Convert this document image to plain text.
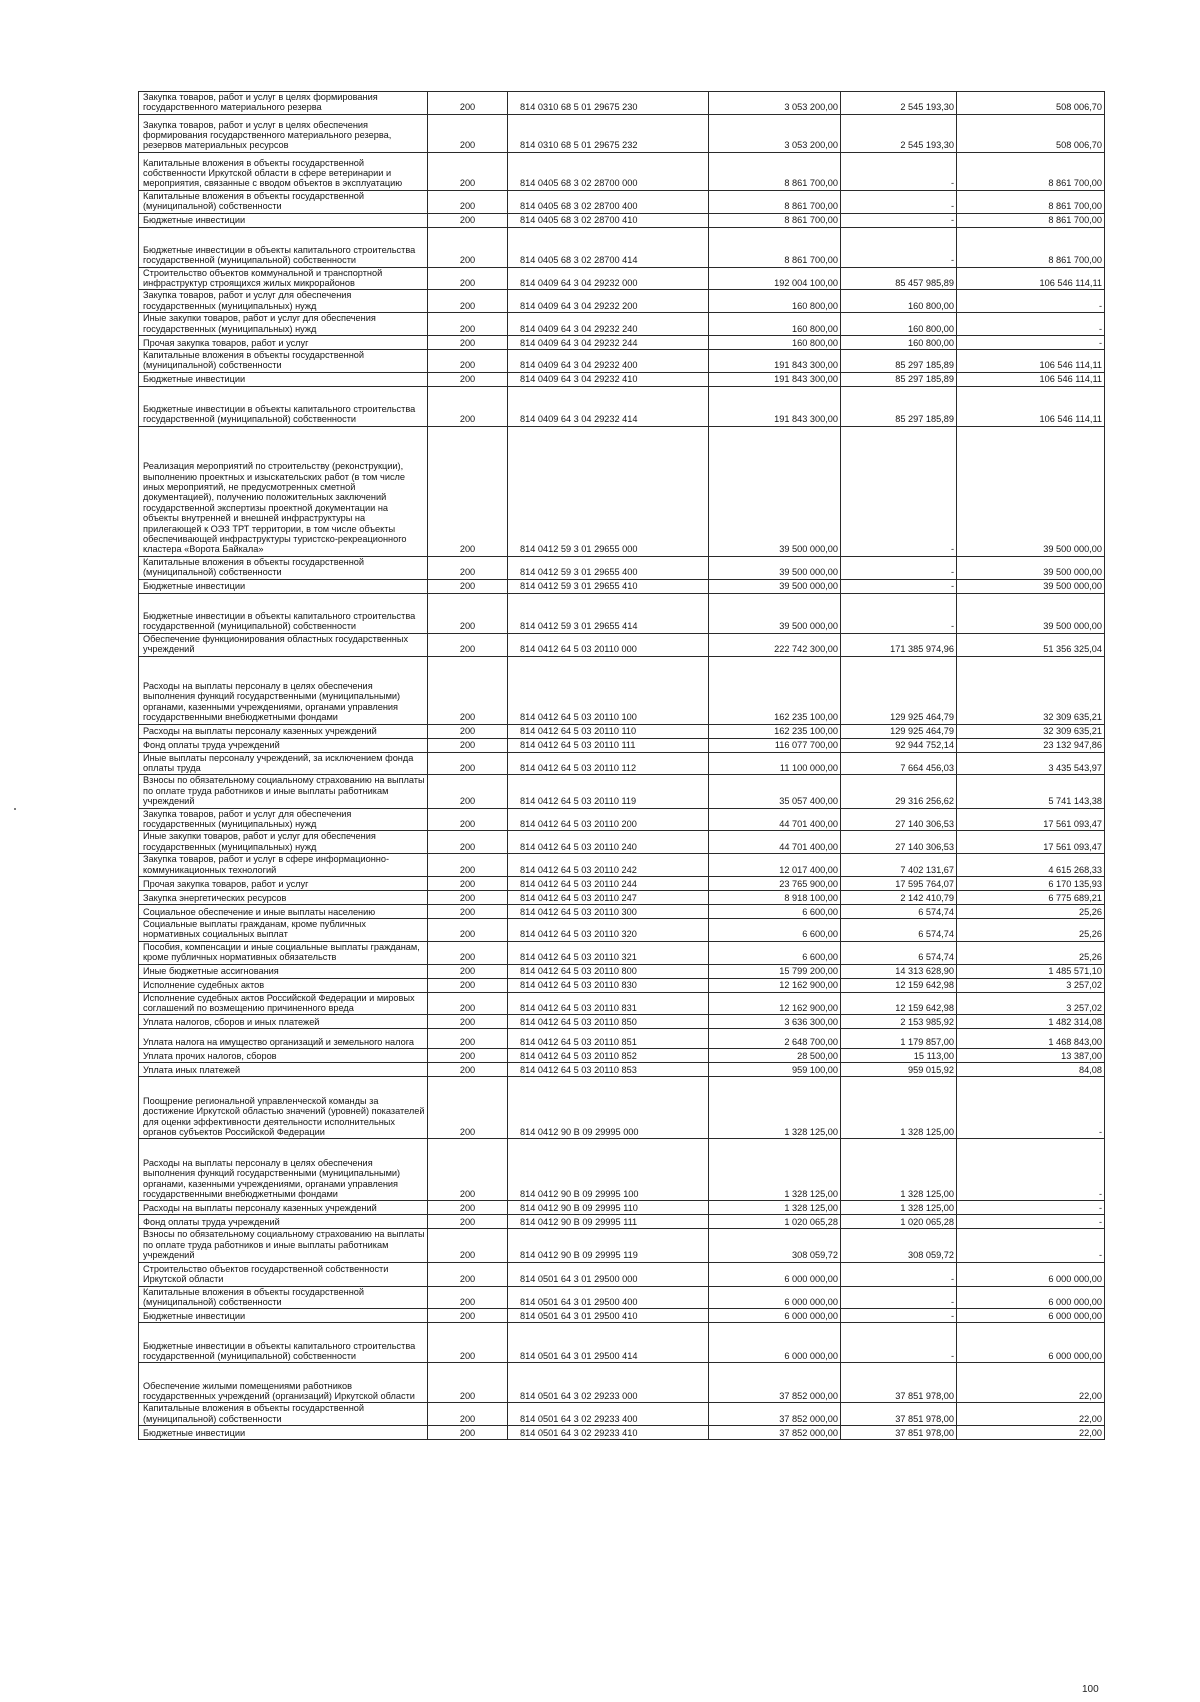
Закупка товаров, работ и услуг в целях формирования государственного материального резерва	200	814 0310 68 5 01 29675 230	3 053 200,00	2 545 193,30	508 006,70
Закупка товаров, работ и услуг в целях обеспечения формирования государственного материального резерва, резервов материальных ресурсов	200	814 0310 68 5 01 29675 232	3 053 200,00	2 545 193,30	508 006,70
Капитальные вложения в объекты государственной собственности Иркутской области в сфере ветеринарии и мероприятия, связанные с вводом объектов в эксплуатацию	200	814 0405 68 3 02 28700 000	8 861 700,00	-	8 861 700,00
Капитальные вложения в объекты государственной (муниципальной) собственности	200	814 0405 68 3 02 28700 400	8 861 700,00	-	8 861 700,00
Бюджетные инвестиции	200	814 0405 68 3 02 28700 410	8 861 700,00	-	8 861 700,00
Бюджетные инвестиции в объекты капитального строительства государственной (муниципальной) собственности	200	814 0405 68 3 02 28700 414	8 861 700,00	-	8 861 700,00
Строительство объектов коммунальной и транспортной инфраструктур строящихся жилых микрорайонов	200	814 0409 64 3 04 29232 000	192 004 100,00	85 457 985,89	106 546 114,11
Закупка товаров, работ и услуг для обеспечения государственных (муниципальных) нужд	200	814 0409 64 3 04 29232 200	160 800,00	160 800,00	-
Иные закупки товаров, работ и услуг для обеспечения государственных (муниципальных) нужд	200	814 0409 64 3 04 29232 240	160 800,00	160 800,00	-
Прочая закупка товаров, работ и услуг	200	814 0409 64 3 04 29232 244	160 800,00	160 800,00	-
Капитальные вложения в объекты государственной (муниципальной) собственности	200	814 0409 64 3 04 29232 400	191 843 300,00	85 297 185,89	106 546 114,11
Бюджетные инвестиции	200	814 0409 64 3 04 29232 410	191 843 300,00	85 297 185,89	106 546 114,11
Бюджетные инвестиции в объекты капитального строительства государственной (муниципальной) собственности	200	814 0409 64 3 04 29232 414	191 843 300,00	85 297 185,89	106 546 114,11
Реализация мероприятий по строительству (реконструкции), выполнению проектных и изыскательских работ (в том числе иных мероприятий, не предусмотренных сметной документацией), получению положительных заключений государственной экспертизы проектной документации на объекты внутренней и внешней инфраструктуры на прилегающей к ОЭЗ ТРТ территории, в том числе объекты обеспечивающей инфраструктуры туристско-рекреационного кластера «Ворота Байкала»	200	814 0412 59 3 01 29655 000	39 500 000,00	-	39 500 000,00
Капитальные вложения в объекты государственной (муниципальной) собственности	200	814 0412 59 3 01 29655 400	39 500 000,00	-	39 500 000,00
Бюджетные инвестиции	200	814 0412 59 3 01 29655 410	39 500 000,00	-	39 500 000,00
Бюджетные инвестиции в объекты капитального строительства государственной (муниципальной) собственности	200	814 0412 59 3 01 29655 414	39 500 000,00	-	39 500 000,00
Обеспечение функционирования областных государственных учреждений	200	814 0412 64 5 03 20110 000	222 742 300,00	171 385 974,96	51 356 325,04
Расходы на выплаты персоналу в целях обеспечения выполнения функций государственными (муниципальными) органами, казенными учреждениями, органами управления государственными внебюджетными фондами	200	814 0412 64 5 03 20110 100	162 235 100,00	129 925 464,79	32 309 635,21
Расходы на выплаты персоналу казенных учреждений	200	814 0412 64 5 03 20110 110	162 235 100,00	129 925 464,79	32 309 635,21
Фонд оплаты труда учреждений	200	814 0412 64 5 03 20110 111	116 077 700,00	92 944 752,14	23 132 947,86
Иные выплаты персоналу учреждений, за исключением фонда оплаты труда	200	814 0412 64 5 03 20110 112	11 100 000,00	7 664 456,03	3 435 543,97
Взносы по обязательному социальному страхованию на выплаты по оплате труда работников и иные выплаты работникам учреждений	200	814 0412 64 5 03 20110 119	35 057 400,00	29 316 256,62	5 741 143,38
Закупка товаров, работ и услуг для обеспечения государственных (муниципальных) нужд	200	814 0412 64 5 03 20110 200	44 701 400,00	27 140 306,53	17 561 093,47
Иные закупки товаров, работ и услуг для обеспечения государственных (муниципальных) нужд	200	814 0412 64 5 03 20110 240	44 701 400,00	27 140 306,53	17 561 093,47
Закупка товаров, работ и услуг в сфере информационно-коммуникационных технологий	200	814 0412 64 5 03 20110 242	12 017 400,00	7 402 131,67	4 615 268,33
Прочая закупка товаров, работ и услуг	200	814 0412 64 5 03 20110 244	23 765 900,00	17 595 764,07	6 170 135,93
Закупка энергетических ресурсов	200	814 0412 64 5 03 20110 247	8 918 100,00	2 142 410,79	6 775 689,21
Социальное обеспечение и иные выплаты населению	200	814 0412 64 5 03 20110 300	6 600,00	6 574,74	25,26
Социальные выплаты гражданам, кроме публичных нормативных социальных выплат	200	814 0412 64 5 03 20110 320	6 600,00	6 574,74	25,26
Пособия, компенсации и иные социальные выплаты гражданам, кроме публичных нормативных обязательств	200	814 0412 64 5 03 20110 321	6 600,00	6 574,74	25,26
Иные бюджетные ассигнования	200	814 0412 64 5 03 20110 800	15 799 200,00	14 313 628,90	1 485 571,10
Исполнение судебных актов	200	814 0412 64 5 03 20110 830	12 162 900,00	12 159 642,98	3 257,02
Исполнение судебных актов Российской Федерации и мировых соглашений по возмещению причиненного вреда	200	814 0412 64 5 03 20110 831	12 162 900,00	12 159 642,98	3 257,02
Уплата налогов, сборов и иных платежей	200	814 0412 64 5 03 20110 850	3 636 300,00	2 153 985,92	1 482 314,08
Уплата налога на имущество организаций и земельного налога	200	814 0412 64 5 03 20110 851	2 648 700,00	1 179 857,00	1 468 843,00
Уплата прочих налогов, сборов	200	814 0412 64 5 03 20110 852	28 500,00	15 113,00	13 387,00
Уплата иных платежей	200	814 0412 64 5 03 20110 853	959 100,00	959 015,92	84,08
Поощрение региональной управленческой команды за достижение Иркутской областью значений (уровней) показателей для оценки эффективности деятельности исполнительных органов субъектов Российской Федерации	200	814 0412 90 В 09 29995 000	1 328 125,00	1 328 125,00	-
Расходы на выплаты персоналу в целях обеспечения выполнения функций государственными (муниципальными) органами, казенными учреждениями, органами управления государственными внебюджетными фондами	200	814 0412 90 В 09 29995 100	1 328 125,00	1 328 125,00	-
Расходы на выплаты персоналу казенных учреждений	200	814 0412 90 В 09 29995 110	1 328 125,00	1 328 125,00	-
Фонд оплаты труда учреждений	200	814 0412 90 В 09 29995 111	1 020 065,28	1 020 065,28	-
Взносы по обязательному социальному страхованию на выплаты по оплате труда работников и иные выплаты работникам учреждений	200	814 0412 90 В 09 29995 119	308 059,72	308 059,72	-
Строительство объектов государственной собственности Иркутской области	200	814 0501 64 3 01 29500 000	6 000 000,00	-	6 000 000,00
Капитальные вложения в объекты государственной (муниципальной) собственности	200	814 0501 64 3 01 29500 400	6 000 000,00	-	6 000 000,00
Бюджетные инвестиции	200	814 0501 64 3 01 29500 410	6 000 000,00	-	6 000 000,00
Бюджетные инвестиции в объекты капитального строительства государственной (муниципальной) собственности	200	814 0501 64 3 01 29500 414	6 000 000,00	-	6 000 000,00
Обеспечение жилыми помещениями работников государственных учреждений (организаций) Иркутской области	200	814 0501 64 3 02 29233 000	37 852 000,00	37 851 978,00	22,00
Капитальные вложения в объекты государственной (муниципальной) собственности	200	814 0501 64 3 02 29233 400	37 852 000,00	37 851 978,00	22,00
Бюджетные инвестиции	200	814 0501 64 3 02 29233 410	37 852 000,00	37 851 978,00	22,00
100
